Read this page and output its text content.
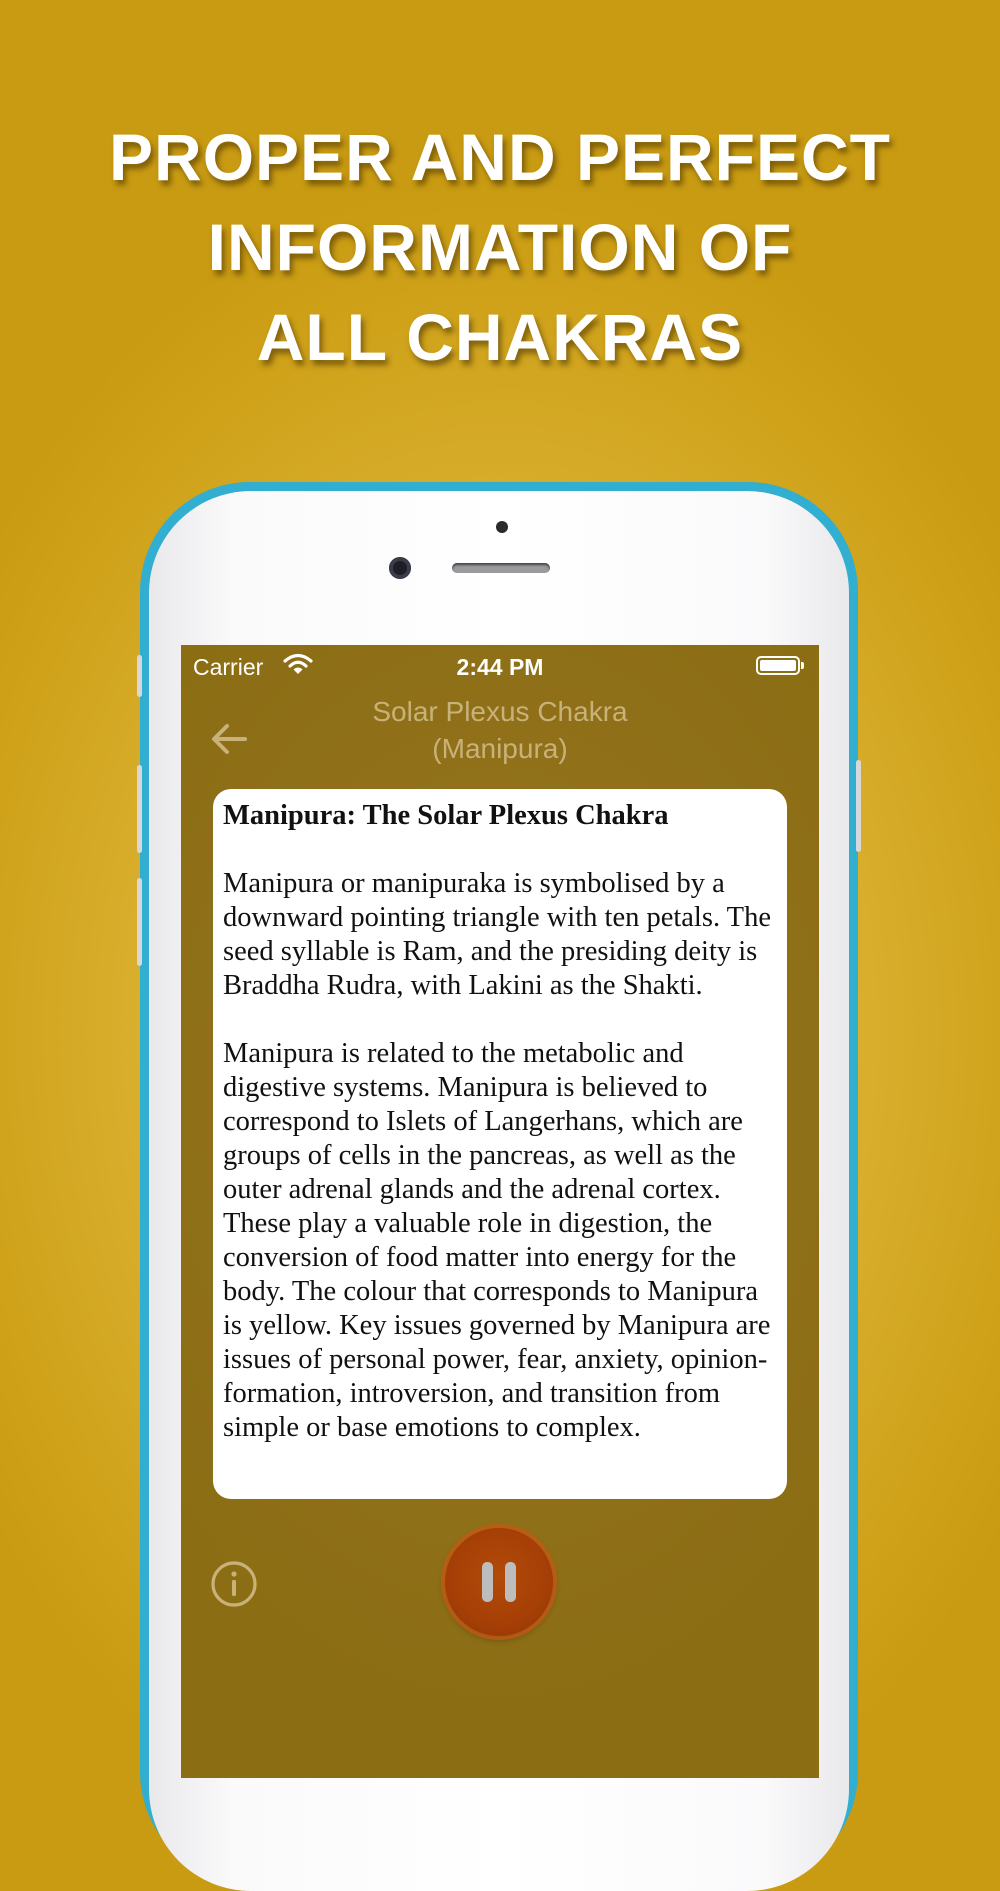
PROPER AND PERFECT
INFORMATION OF
ALL CHAKRAS
Carrier	2:44 PM
Solar Plexus Chakra
(Manipura)
Manipura: The Solar Plexus Chakra

Manipura or manipuraka is symbolised by a downward pointing triangle with ten petals. The seed syllable is Ram, and the presiding deity is Braddha Rudra, with Lakini as the Shakti.

Manipura is related to the metabolic and digestive systems. Manipura is believed to correspond to Islets of Langerhans, which are groups of cells in the pancreas, as well as the outer adrenal glands and the adrenal cortex. These play a valuable role in digestion, the conversion of food matter into energy for the body. The colour that corresponds to Manipura is yellow. Key issues governed by Manipura are issues of personal power, fear, anxiety, opinion-formation, introversion, and transition from simple or base emotions to complex.
